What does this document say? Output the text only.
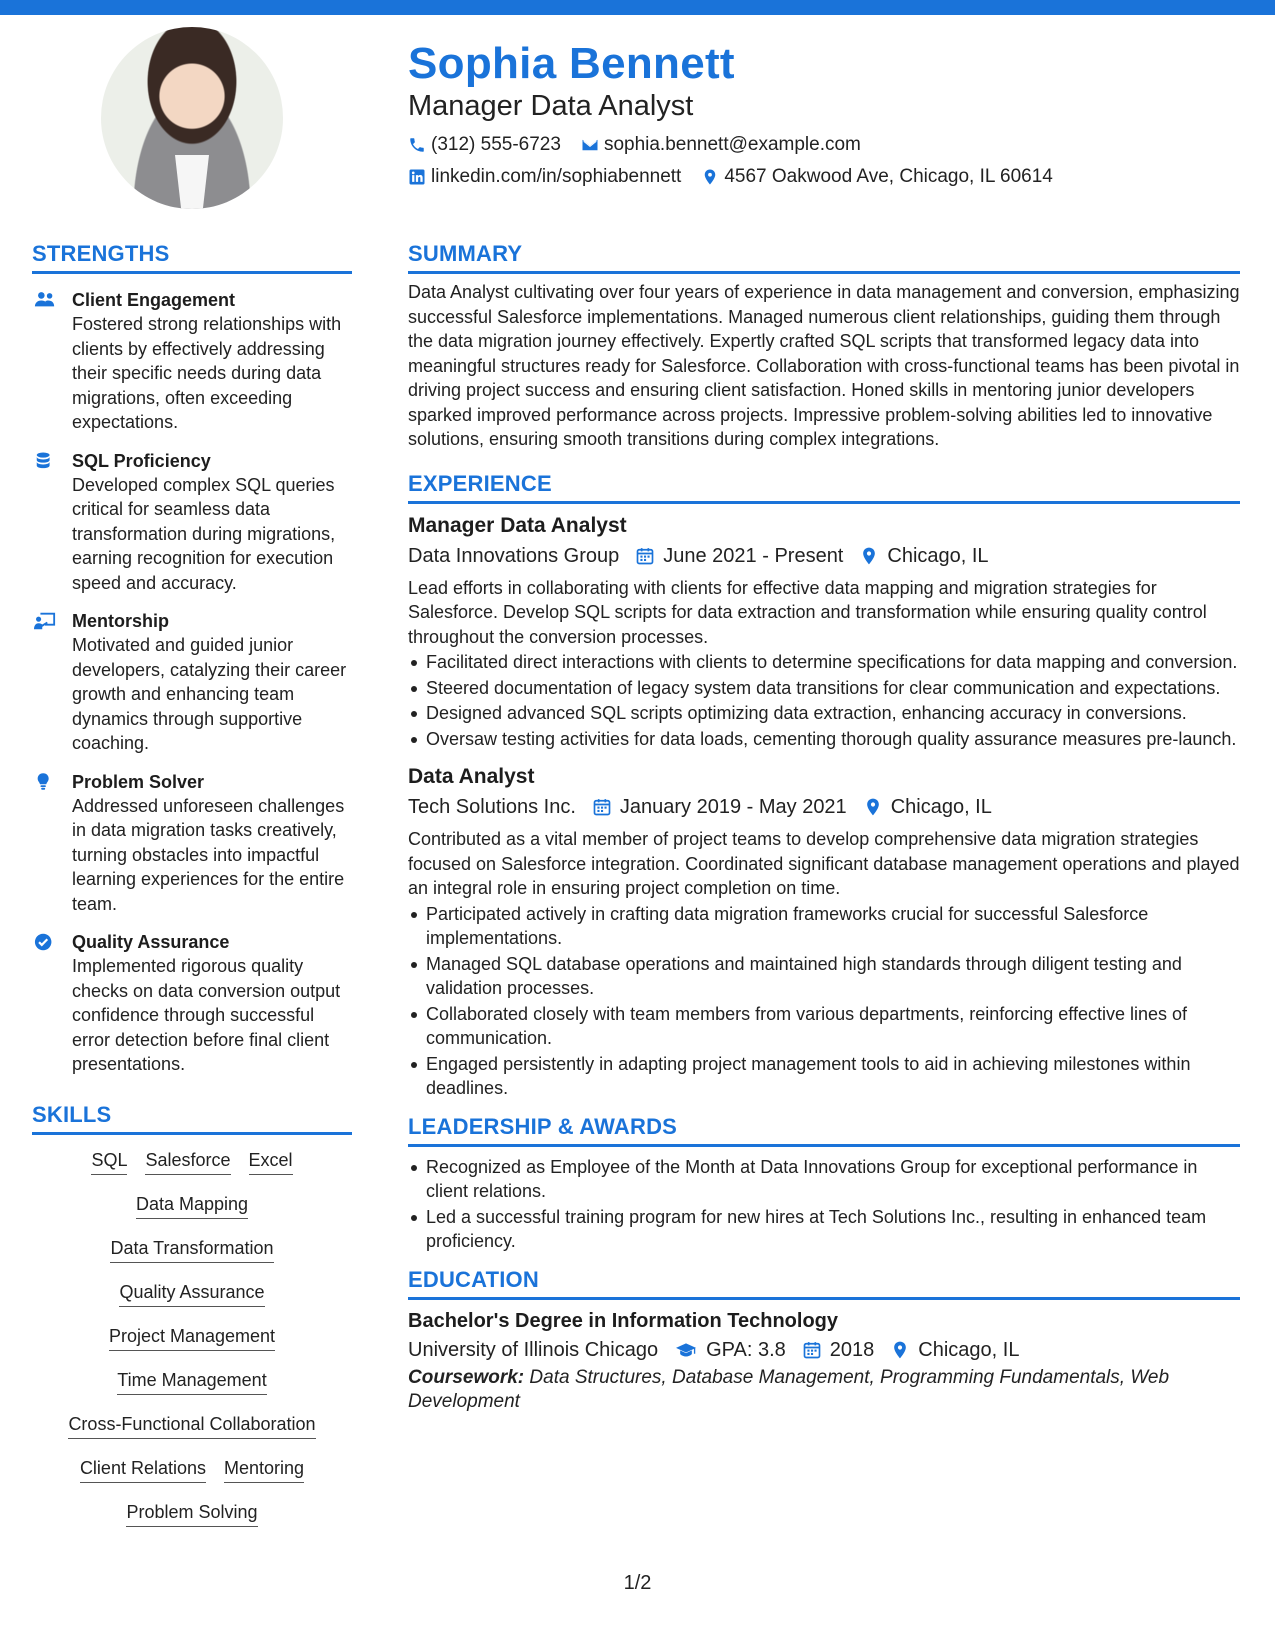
Sophia Bennett
Manager Data Analyst
(312) 555-6723 sophia.bennett@example.com
linkedin.com/in/sophiabennett 4567 Oakwood Ave, Chicago, IL 60614
STRENGTHS
Client Engagement
Fostered strong relationships with clients by effectively addressing their specific needs during data migrations, often exceeding expectations.
SQL Proficiency
Developed complex SQL queries critical for seamless data transformation during migrations, earning recognition for execution speed and accuracy.
Mentorship
Motivated and guided junior developers, catalyzing their career growth and enhancing team dynamics through supportive coaching.
Problem Solver
Addressed unforeseen challenges in data migration tasks creatively, turning obstacles into impactful learning experiences for the entire team.
Quality Assurance
Implemented rigorous quality checks on data conversion output confidence through successful error detection before final client presentations.
SKILLS
SQL Salesforce Excel
Data Mapping
Data Transformation
Quality Assurance
Project Management
Time Management
Cross-Functional Collaboration
Client Relations Mentoring
Problem Solving
SUMMARY
Data Analyst cultivating over four years of experience in data management and conversion, emphasizing successful Salesforce implementations. Managed numerous client relationships, guiding them through the data migration journey effectively. Expertly crafted SQL scripts that transformed legacy data into meaningful structures ready for Salesforce. Collaboration with cross-functional teams has been pivotal in driving project success and ensuring client satisfaction. Honed skills in mentoring junior developers sparked improved performance across projects. Impressive problem-solving abilities led to innovative solutions, ensuring smooth transitions during complex integrations.
EXPERIENCE
Manager Data Analyst
Data Innovations Group June 2021 - Present Chicago, IL
Lead efforts in collaborating with clients for effective data mapping and migration strategies for Salesforce. Develop SQL scripts for data extraction and transformation while ensuring quality control throughout the conversion processes.
Facilitated direct interactions with clients to determine specifications for data mapping and conversion.
Steered documentation of legacy system data transitions for clear communication and expectations.
Designed advanced SQL scripts optimizing data extraction, enhancing accuracy in conversions.
Oversaw testing activities for data loads, cementing thorough quality assurance measures pre-launch.
Data Analyst
Tech Solutions Inc. January 2019 - May 2021 Chicago, IL
Contributed as a vital member of project teams to develop comprehensive data migration strategies focused on Salesforce integration. Coordinated significant database management operations and played an integral role in ensuring project completion on time.
Participated actively in crafting data migration frameworks crucial for successful Salesforce implementations.
Managed SQL database operations and maintained high standards through diligent testing and validation processes.
Collaborated closely with team members from various departments, reinforcing effective lines of communication.
Engaged persistently in adapting project management tools to aid in achieving milestones within deadlines.
LEADERSHIP & AWARDS
Recognized as Employee of the Month at Data Innovations Group for exceptional performance in client relations.
Led a successful training program for new hires at Tech Solutions Inc., resulting in enhanced team proficiency.
EDUCATION
Bachelor's Degree in Information Technology
University of Illinois Chicago GPA: 3.8 2018 Chicago, IL
Coursework: Data Structures, Database Management, Programming Fundamentals, Web Development
1/2
